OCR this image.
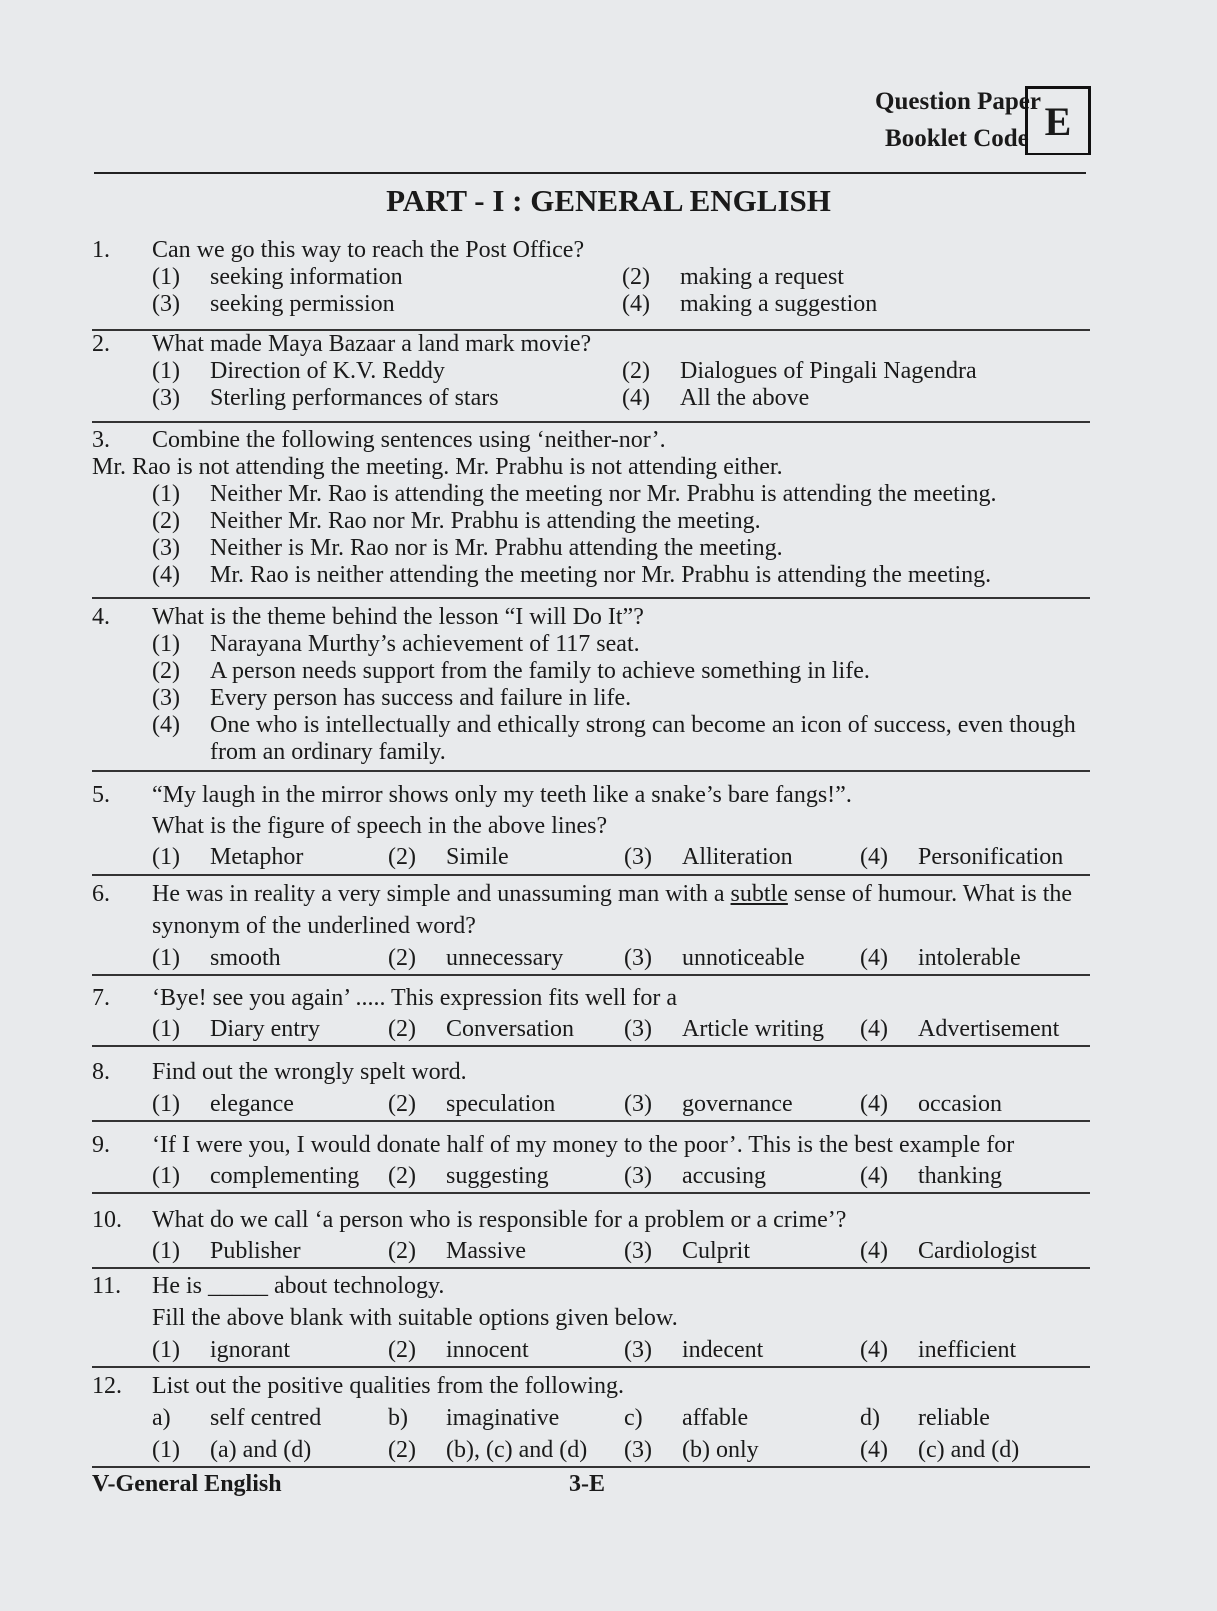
Question Paper
Booklet Code E
PART - I : GENERAL ENGLISH
1.	Can we go this way to reach the Post Office?
(1)	seeking information	(2)	making a request
(3)	seeking permission	(4)	making a suggestion
2.	What made Maya Bazaar a land mark movie?
(1)	Direction of K.V. Reddy	(2)	Dialogues of Pingali Nagendra
(3)	Sterling performances of stars	(4)	All the above
3.	Combine the following sentences using ‘neither-nor’.
Mr. Rao is not attending the meeting. Mr. Prabhu is not attending either.
(1)	Neither Mr. Rao is attending the meeting nor Mr. Prabhu is attending the meeting.
(2)	Neither Mr. Rao nor Mr. Prabhu is attending the meeting.
(3)	Neither is Mr. Rao nor is Mr. Prabhu attending the meeting.
(4)	Mr. Rao is neither attending the meeting nor Mr. Prabhu is attending the meeting.
4.	What is the theme behind the lesson “I will Do It”?
(1)	Narayana Murthy’s achievement of 117 seat.
(2)	A person needs support from the family to achieve something in life.
(3)	Every person has success and failure in life.
(4)	One who is intellectually and ethically strong can become an icon of success, even though from an ordinary family.
5.	“My laugh in the mirror shows only my teeth like a snake’s bare fangs!”.
What is the figure of speech in the above lines?
(1)	Metaphor	(2)	Simile	(3)	Alliteration	(4)	Personification
6.	He was in reality a very simple and unassuming man with a subtle sense of humour. What is the synonym of the underlined word?
(1)	smooth	(2)	unnecessary	(3)	unnoticeable (4)	intolerable
7.	‘Bye! see you again’ ..... This expression fits well for a
(1)	Diary entry	(2)	Conversation (3)	Article writing (4)	Advertisement
8.	Find out the wrongly spelt word.
(1)	elegance	(2)	speculation	(3)	governance	(4)	occasion
9.	‘If I were you, I would donate half of my money to the poor’. This is the best example for
(1)	complementing (2)	suggesting	(3)	accusing	(4)	thanking
10.	What do we call ‘a person who is responsible for a problem or a crime’?
(1)	Publisher	(2)	Massive	(3)	Culprit	(4)	Cardiologist
11.	He is _____ about technology.
Fill the above blank with suitable options given below.
(1)	ignorant	(2)	innocent	(3)	indecent	(4)	inefficient
12.	List out the positive qualities from the following.
a)	self centred	b)	imaginative	c)	affable	d)	reliable
(1)	(a) and (d)	(2)	(b), (c) and (d) (3)	(b) only	(4)	(c) and (d)
V-General English	3-E
